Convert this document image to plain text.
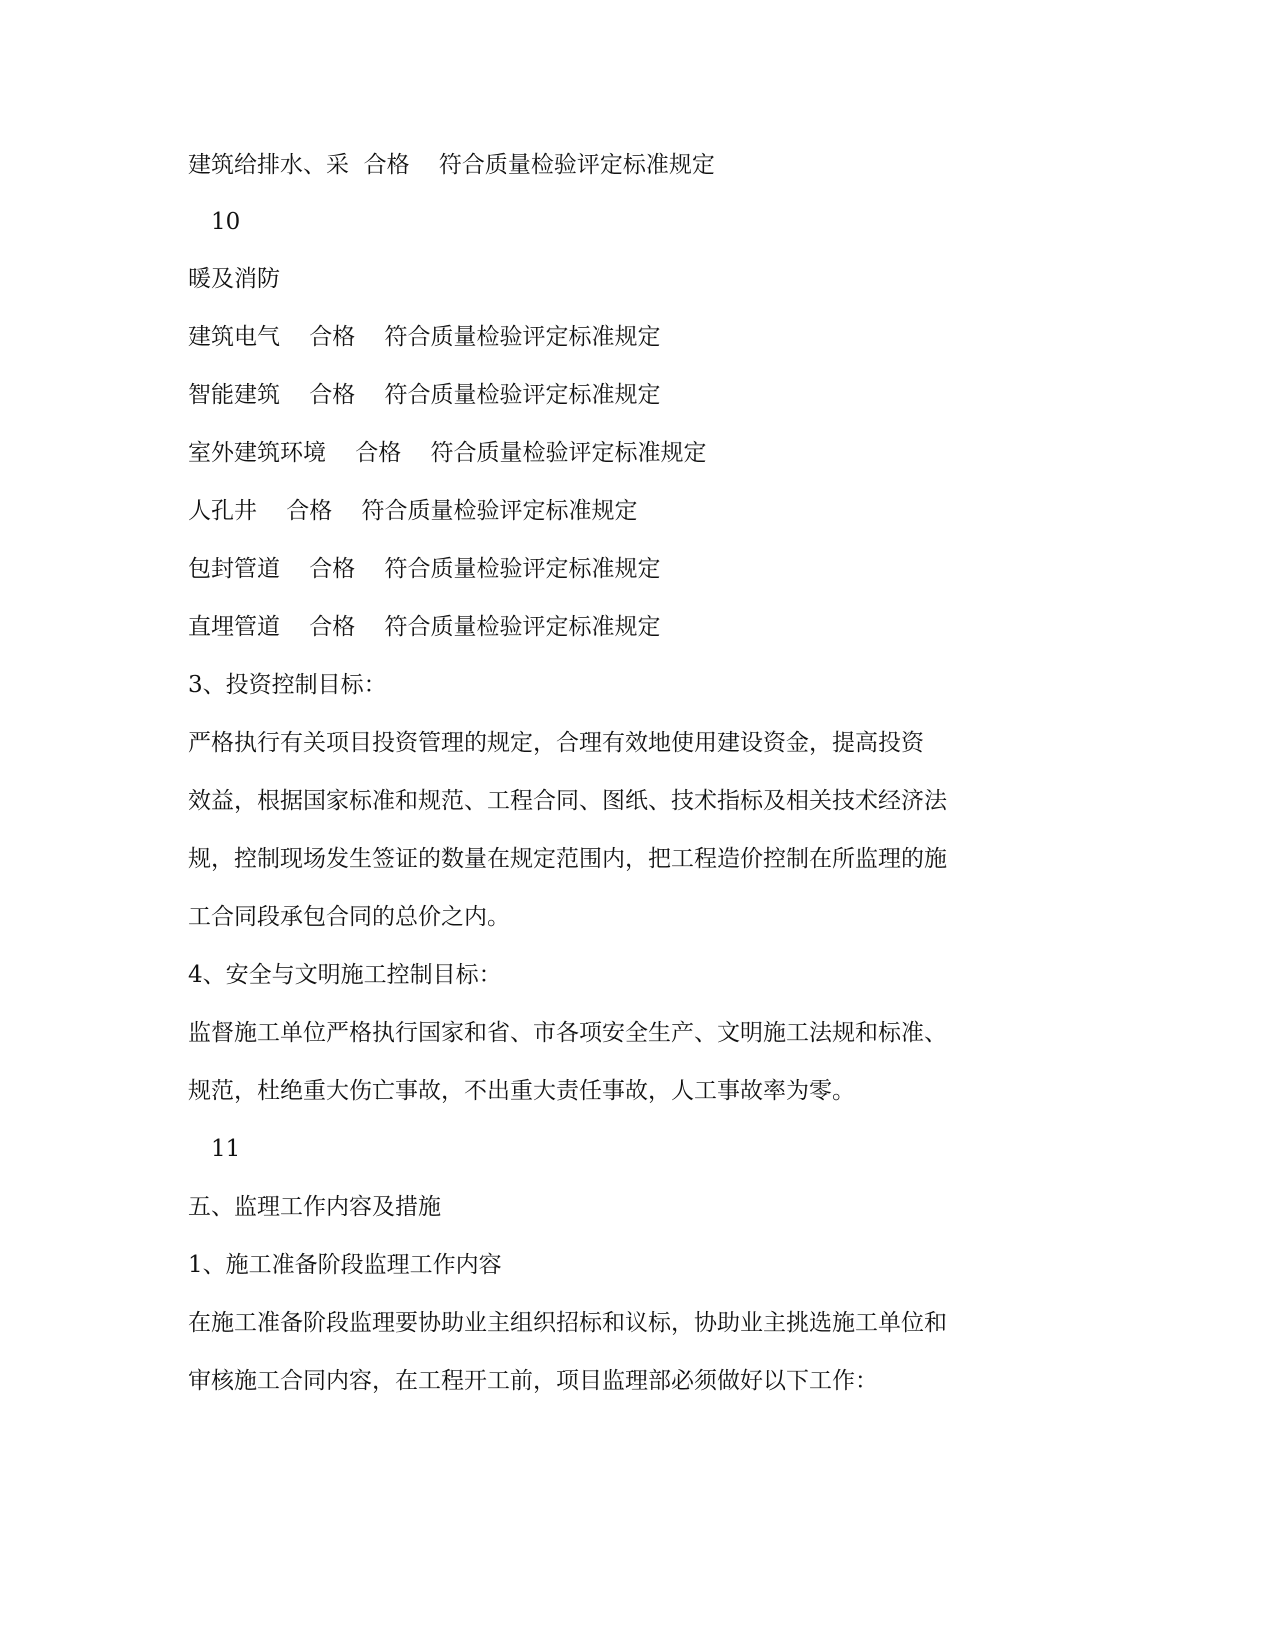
建筑给排水、采  合格    符合质量检验评定标准规定
10
暖及消防
建筑电气    合格    符合质量检验评定标准规定
智能建筑    合格    符合质量检验评定标准规定
室外建筑环境    合格    符合质量检验评定标准规定
人孔井    合格    符合质量检验评定标准规定
包封管道    合格    符合质量检验评定标准规定
直埋管道    合格    符合质量检验评定标准规定
3、投资控制目标：
严格执行有关项目投资管理的规定，合理有效地使用建设资金，提高投资
效益，根据国家标准和规范、工程合同、图纸、技术指标及相关技术经济法
规，控制现场发生签证的数量在规定范围内，把工程造价控制在所监理的施
工合同段承包合同的总价之内。
4、安全与文明施工控制目标：
监督施工单位严格执行国家和省、市各项安全生产、文明施工法规和标准、
规范，杜绝重大伤亡事故，不出重大责任事故，人工事故率为零。
11
五、监理工作内容及措施
1、施工准备阶段监理工作内容
在施工准备阶段监理要协助业主组织招标和议标，协助业主挑选施工单位和
审核施工合同内容，在工程开工前，项目监理部必须做好以下工作：
